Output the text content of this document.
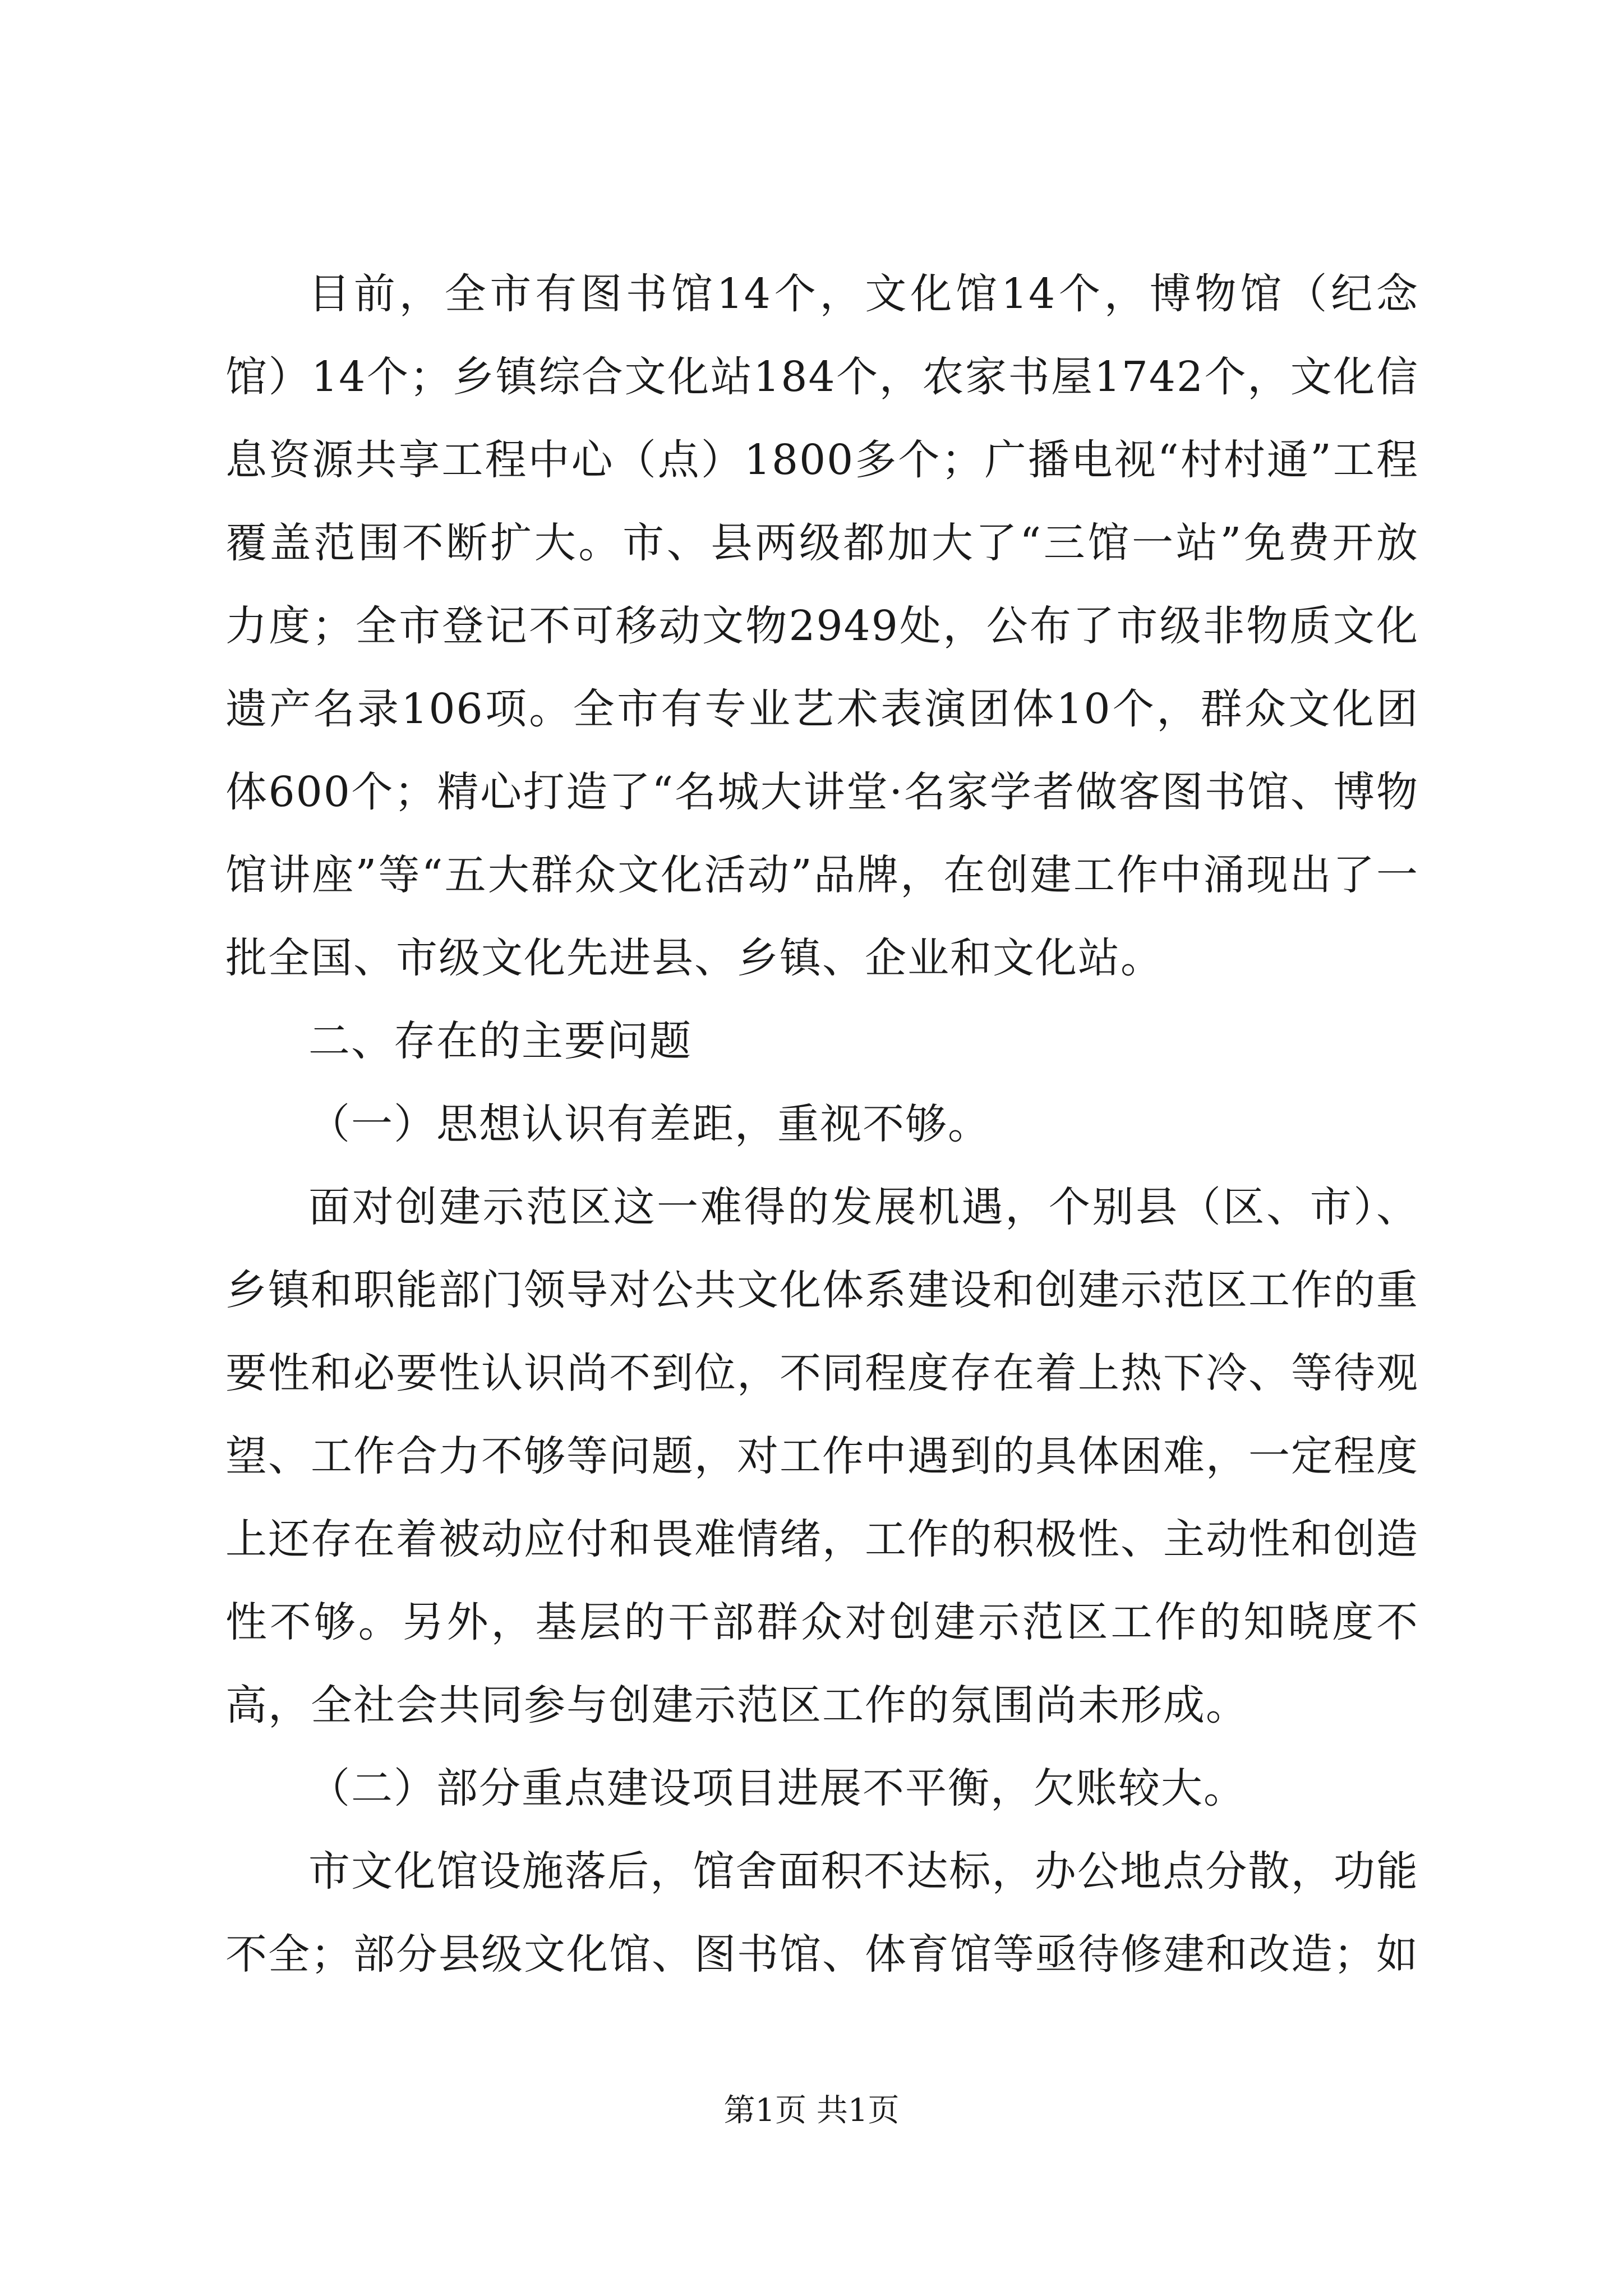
目前，全市有图书馆14个，文化馆14个，博物馆（纪念馆）14个；乡镇综合文化站184个，农家书屋1742个，文化信息资源共享工程中心（点）1800多个；广播电视“村村通”工程覆盖范围不断扩大。市、县两级都加大了“三馆一站”免费开放力度；全市登记不可移动文物2949处，公布了市级非物质文化遗产名录106项。全市有专业艺术表演团体10个，群众文化团体600个；精心打造了“名城大讲堂·名家学者做客图书馆、博物馆讲座”等“五大群众文化活动”品牌，在创建工作中涌现出了一批全国、市级文化先进县、乡镇、企业和文化站。

二、存在的主要问题

（一）思想认识有差距，重视不够。

面对创建示范区这一难得的发展机遇，个别县（区、市）、乡镇和职能部门领导对公共文化体系建设和创建示范区工作的重要性和必要性认识尚不到位，不同程度存在着上热下冷、等待观望、工作合力不够等问题，对工作中遇到的具体困难，一定程度上还存在着被动应付和畏难情绪，工作的积极性、主动性和创造性不够。另外，基层的干部群众对创建示范区工作的知晓度不高，全社会共同参与创建示范区工作的氛围尚未形成。

（二）部分重点建设项目进展不平衡，欠账较大。

市文化馆设施落后，馆舍面积不达标，办公地点分散，功能不全；部分县级文化馆、图书馆、体育馆等亟待修建和改造；如

第1页 共1页
